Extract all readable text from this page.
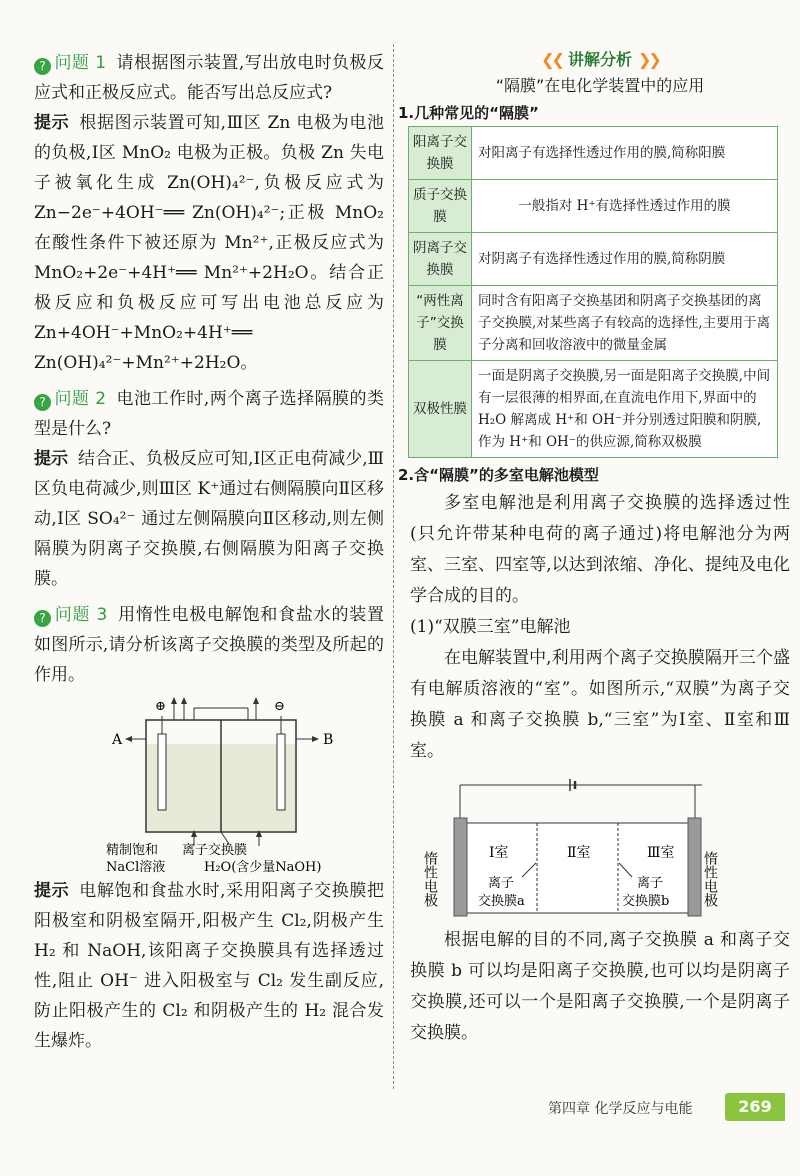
? 问题 1 请根据图示装置,写出放电时负极反应式和正极反应式。能否写出总反应式?

提示 根据图示装置可知,Ⅲ区 Zn 电极为电池的负极,Ⅰ区 MnO₂ 电极为正极。负极 Zn 失电子被氧化生成 Zn(OH)₄²⁻,负极反应式为 Zn−2e⁻+4OH⁻══ Zn(OH)₄²⁻;正极 MnO₂ 在酸性条件下被还原为 Mn²⁺,正极反应式为 MnO₂+2e⁻+4H⁺══ Mn²⁺+2H₂O。结合正极反应和负极反应可写出电池总反应为 Zn+4OH⁻+MnO₂+4H⁺══ Zn(OH)₄²⁻+Mn²⁺+2H₂O。

? 问题 2 电池工作时,两个离子选择隔膜的类型是什么?

提示 结合正、负极反应可知,Ⅰ区正电荷减少,Ⅲ区负电荷减少,则Ⅲ区 K⁺通过右侧隔膜向Ⅱ区移动,Ⅰ区 SO₄²⁻ 通过左侧隔膜向Ⅱ区移动,则左侧隔膜为阴离子交换膜,右侧隔膜为阳离子交换膜。

? 问题 3 用惰性电极电解饱和食盐水的装置如图所示,请分析该离子交换膜的类型及所起的作用。

⊕	⊖
A	B
精制饱和
NaCl溶液
离子交换膜
H₂O(含少量NaOH)

提示 电解饱和食盐水时,采用阳离子交换膜把阳极室和阴极室隔开,阳极产生 Cl₂,阴极产生 H₂ 和 NaOH,该阳离子交换膜具有选择透过性,阻止 OH⁻ 进入阳极室与 Cl₂ 发生副反应,防止阳极产生的 Cl₂ 和阴极产生的 H₂ 混合发生爆炸。

❮❮ 讲解分析 ❯❯
“隔膜”在电化学装置中的应用
1.几种常见的“隔膜”
阳离子交换膜	对阳离子有选择性透过作用的膜,简称阳膜
质子交换膜	一般指对 H⁺有选择性透过作用的膜
阴离子交换膜	对阴离子有选择性透过作用的膜,简称阴膜
“两性离子”交换膜	同时含有阳离子交换基团和阴离子交换基团的离子交换膜,对某些离子有较高的选择性,主要用于离子分离和回收溶液中的微量金属
双极性膜	一面是阴离子交换膜,另一面是阳离子交换膜,中间有一层很薄的相界面,在直流电作用下,界面中的 H₂O 解离成 H⁺和 OH⁻并分别透过阳膜和阴膜,作为 H⁺和 OH⁻的供应源,简称双极膜
2.含“隔膜”的多室电解池模型

多室电解池是利用离子交换膜的选择透过性(只允许带某种电荷的离子通过)将电解池分为两室、三室、四室等,以达到浓缩、净化、提纯及电化学合成的目的。

(1)“双膜三室”电解池

在电解装置中,利用两个离子交换膜隔开三个盛有电解质溶液的“室”。如图所示,“双膜”为离子交换膜 a 和离子交换膜 b,“三室”为Ⅰ室、Ⅱ室和Ⅲ室。

Ⅰ室	Ⅱ室	Ⅲ室
离子
交换膜a
离子
交换膜b
惰性电极	惰性电极

根据电解的目的不同,离子交换膜 a 和离子交换膜 b 可以均是阳离子交换膜,也可以均是阴离子交换膜,还可以一个是阳离子交换膜,一个是阴离子交换膜。

第四章 化学反应与电能	269
